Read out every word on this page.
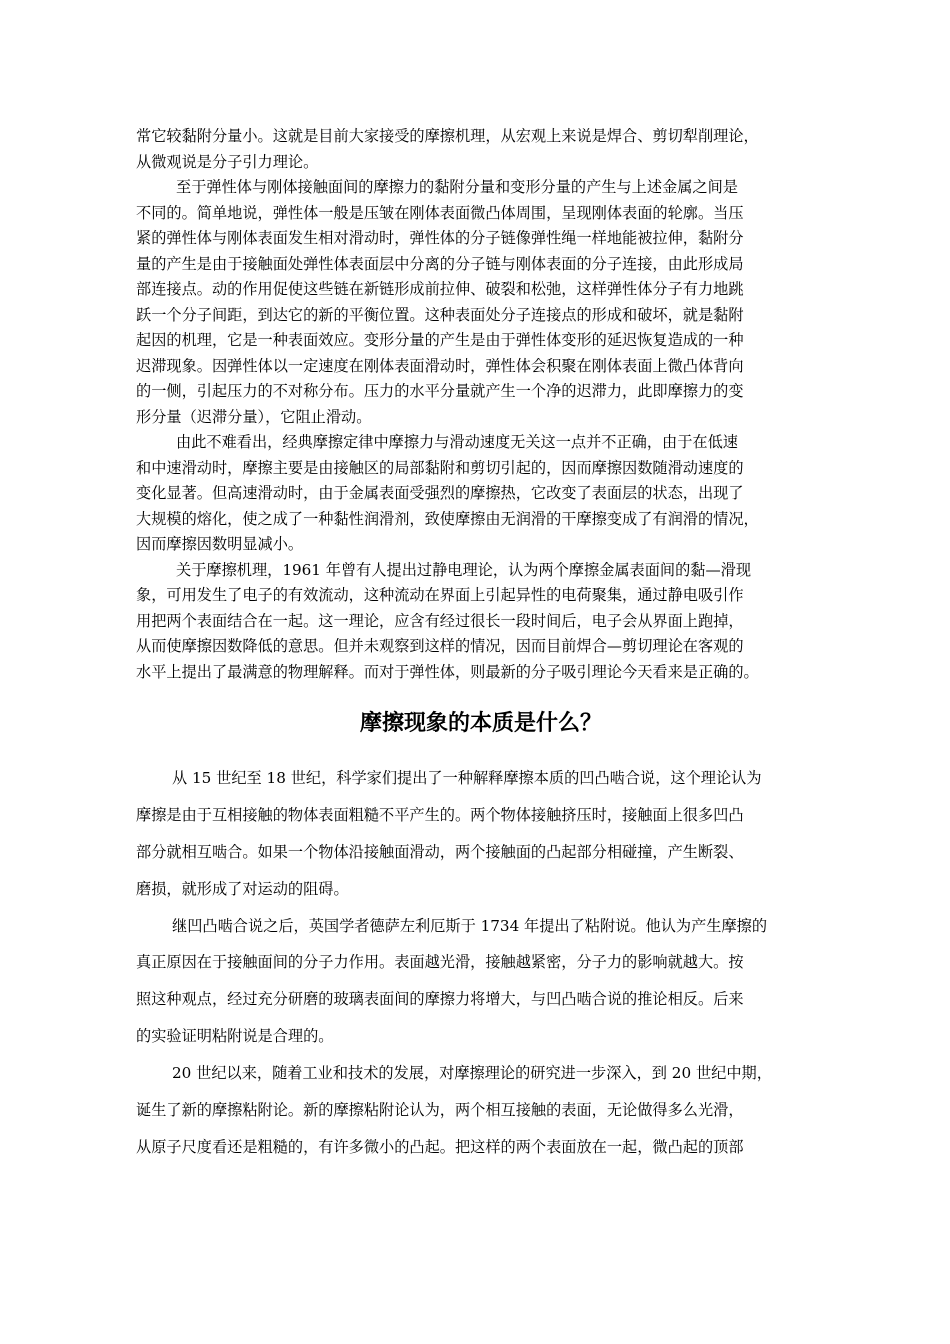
常它较黏附分量小。这就是目前大家接受的摩擦机理，从宏观上来说是焊合、剪切犁削理论，
从微观说是分子引力理论。
至于弹性体与刚体接触面间的摩擦力的黏附分量和变形分量的产生与上述金属之间是
不同的。简单地说，弹性体一般是压皱在刚体表面微凸体周围，呈现刚体表面的轮廓。当压
紧的弹性体与刚体表面发生相对滑动时，弹性体的分子链像弹性绳一样地能被拉伸，黏附分
量的产生是由于接触面处弹性体表面层中分离的分子链与刚体表面的分子连接，由此形成局
部连接点。动的作用促使这些链在新链形成前拉伸、破裂和松弛，这样弹性体分子有力地跳
跃一个分子间距，到达它的新的平衡位置。这种表面处分子连接点的形成和破坏，就是黏附
起因的机理，它是一种表面效应。变形分量的产生是由于弹性体变形的延迟恢复造成的一种
迟滞现象。因弹性体以一定速度在刚体表面滑动时，弹性体会积聚在刚体表面上微凸体背向
的一侧，引起压力的不对称分布。压力的水平分量就产生一个净的迟滞力，此即摩擦力的变
形分量（迟滞分量），它阻止滑动。
由此不难看出，经典摩擦定律中摩擦力与滑动速度无关这一点并不正确，由于在低速
和中速滑动时，摩擦主要是由接触区的局部黏附和剪切引起的，因而摩擦因数随滑动速度的
变化显著。但高速滑动时，由于金属表面受强烈的摩擦热，它改变了表面层的状态，出现了
大规模的熔化，使之成了一种黏性润滑剂，致使摩擦由无润滑的干摩擦变成了有润滑的情况，
因而摩擦因数明显减小。
关于摩擦机理，1961 年曾有人提出过静电理论，认为两个摩擦金属表面间的黏—滑现
象，可用发生了电子的有效流动，这种流动在界面上引起异性的电荷聚集，通过静电吸引作
用把两个表面结合在一起。这一理论，应含有经过很长一段时间后，电子会从界面上跑掉，
从而使摩擦因数降低的意思。但并未观察到这样的情况，因而目前焊合—剪切理论在客观的
水平上提出了最满意的物理解释。而对于弹性体，则最新的分子吸引理论今天看来是正确的。
摩擦现象的本质是什么？
从 15 世纪至 18 世纪，科学家们提出了一种解释摩擦本质的凹凸啮合说，这个理论认为
摩擦是由于互相接触的物体表面粗糙不平产生的。两个物体接触挤压时，接触面上很多凹凸
部分就相互啮合。如果一个物体沿接触面滑动，两个接触面的凸起部分相碰撞，产生断裂、
磨损，就形成了对运动的阻碍。
继凹凸啮合说之后，英国学者德萨左利厄斯于 1734 年提出了粘附说。他认为产生摩擦的
真正原因在于接触面间的分子力作用。表面越光滑，接触越紧密，分子力的影响就越大。按
照这种观点，经过充分研磨的玻璃表面间的摩擦力将增大，与凹凸啮合说的推论相反。后来
的实验证明粘附说是合理的。
20 世纪以来，随着工业和技术的发展，对摩擦理论的研究进一步深入，到 20 世纪中期，
诞生了新的摩擦粘附论。新的摩擦粘附论认为，两个相互接触的表面，无论做得多么光滑，
从原子尺度看还是粗糙的，有许多微小的凸起。把这样的两个表面放在一起，微凸起的顶部
